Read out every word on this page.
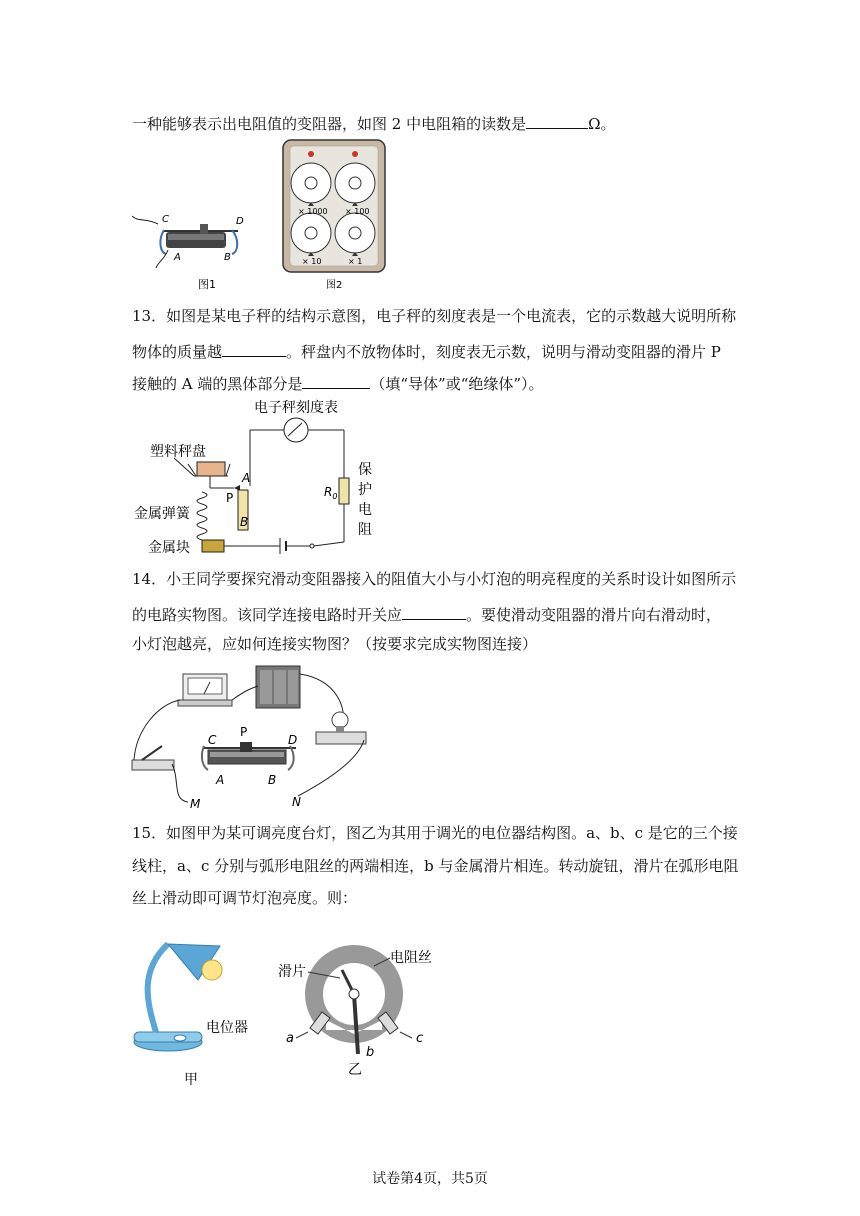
一种能够表示出电阻值的变阻器，如图 2 中电阻箱的读数是	Ω。
C	D
A	B
图1
× 1000 × 100
× 10	× 1
图2
13．如图是某电子秤的结构示意图，电子秤的刻度表是一个电流表，它的示数越大说明所称
物体的质量越	。秤盘内不放物体时，刻度表无示数，说明与滑动变阻器的滑片 P
接触的 A 端的黑体部分是	（填“导体”或“绝缘体”）。
电子秤刻度表
$R_0$
保
护
电
阻
塑料秤盘
A
P
B
金属弹簧
金属块
14．小王同学要探究滑动变阻器接入的阻值大小与小灯泡的明亮程度的关系时设计如图所示
的电路实物图。该同学连接电路时开关应	。要使滑动变阻器的滑片向右滑动时，
小灯泡越亮，应如何连接实物图？（按要求完成实物图连接）
C
P
D
A	B
M	N
15．如图甲为某可调亮度台灯，图乙为其用于调光的电位器结构图。a、b、c 是它的三个接
线柱，a、c 分别与弧形电阻丝的两端相连，b 与金属滑片相连。转动旋钮，滑片在弧形电阻
丝上滑动即可调节灯泡亮度。则：
电位器
甲
滑片
电阻丝
a	c
b
乙
试卷第4页，共5页
